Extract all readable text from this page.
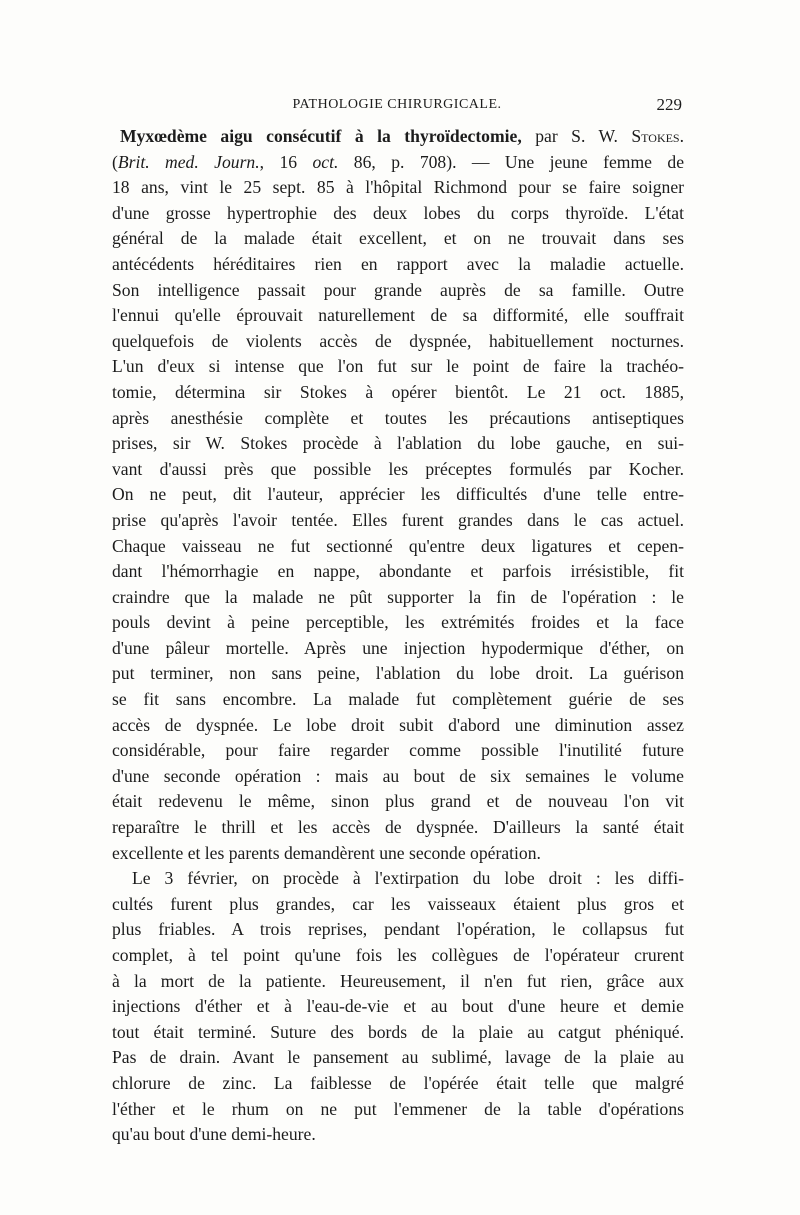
PATHOLOGIE CHIRURGICALE.	229
Myxœdème aigu consécutif à la thyroïdectomie, par S. W. Stokes.
(Brit. med. Journ., 16 oct. 86, p. 708). — Une jeune femme de
18 ans, vint le 25 sept. 85 à l'hôpital Richmond pour se faire soigner
d'une grosse hypertrophie des deux lobes du corps thyroïde. L'état
général de la malade était excellent, et on ne trouvait dans ses
antécédents héréditaires rien en rapport avec la maladie actuelle.
Son intelligence passait pour grande auprès de sa famille. Outre
l'ennui qu'elle éprouvait naturellement de sa difformité, elle souffrait
quelquefois de violents accès de dyspnée, habituellement nocturnes.
L'un d'eux si intense que l'on fut sur le point de faire la trachéo-
tomie, détermina sir Stokes à opérer bientôt. Le 21 oct. 1885,
après anesthésie complète et toutes les précautions antiseptiques
prises, sir W. Stokes procède à l'ablation du lobe gauche, en sui-
vant d'aussi près que possible les préceptes formulés par Kocher.
On ne peut, dit l'auteur, apprécier les difficultés d'une telle entre-
prise qu'après l'avoir tentée. Elles furent grandes dans le cas actuel.
Chaque vaisseau ne fut sectionné qu'entre deux ligatures et cepen-
dant l'hémorrhagie en nappe, abondante et parfois irrésistible, fit
craindre que la malade ne pût supporter la fin de l'opération : le
pouls devint à peine perceptible, les extrémités froides et la face
d'une pâleur mortelle. Après une injection hypodermique d'éther, on
put terminer, non sans peine, l'ablation du lobe droit. La guérison
se fit sans encombre. La malade fut complètement guérie de ses
accès de dyspnée. Le lobe droit subit d'abord une diminution assez
considérable, pour faire regarder comme possible l'inutilité future
d'une seconde opération : mais au bout de six semaines le volume
était redevenu le même, sinon plus grand et de nouveau l'on vit
reparaître le thrill et les accès de dyspnée. D'ailleurs la santé était
excellente et les parents demandèrent une seconde opération.
Le 3 février, on procède à l'extirpation du lobe droit : les diffi-
cultés furent plus grandes, car les vaisseaux étaient plus gros et
plus friables. A trois reprises, pendant l'opération, le collapsus fut
complet, à tel point qu'une fois les collègues de l'opérateur crurent
à la mort de la patiente. Heureusement, il n'en fut rien, grâce aux
injections d'éther et à l'eau-de-vie et au bout d'une heure et demie
tout était terminé. Suture des bords de la plaie au catgut phéniqué.
Pas de drain. Avant le pansement au sublimé, lavage de la plaie au
chlorure de zinc. La faiblesse de l'opérée était telle que malgré
l'éther et le rhum on ne put l'emmener de la table d'opérations
qu'au bout d'une demi-heure.
